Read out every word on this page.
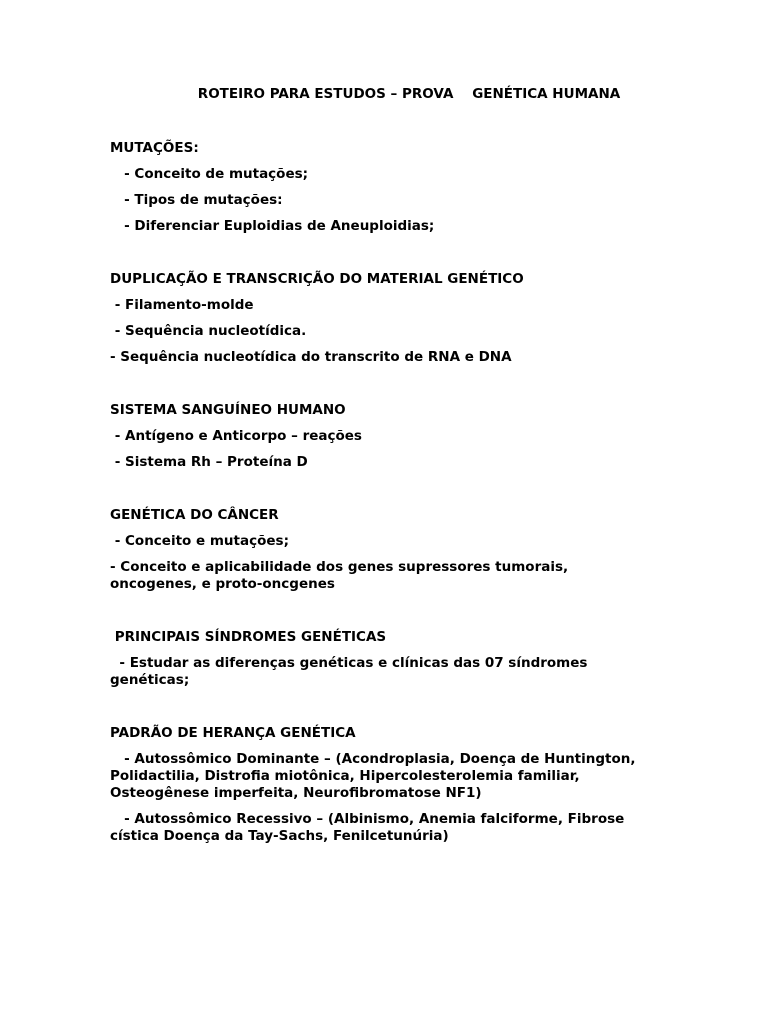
ROTEIRO PARA ESTUDOS – PROVA    GENÉTICA HUMANA
MUTAÇÕES:
- Conceito de mutações;
- Tipos de mutações:
- Diferenciar Euploidias de Aneuploidias;
DUPLICAÇÃO E TRANSCRIÇÃO DO MATERIAL GENÉTICO
- Filamento-molde
- Sequência nucleotídica.
- Sequência nucleotídica do transcrito de RNA e DNA
SISTEMA SANGUÍNEO HUMANO
- Antígeno e Anticorpo – reações
- Sistema Rh – Proteína D
GENÉTICA DO CÂNCER
- Conceito e mutações;
- Conceito e aplicabilidade dos genes supressores tumorais, oncogenes, e proto-oncgenes
PRINCIPAIS SÍNDROMES GENÉTICAS
- Estudar as diferenças genéticas e clínicas das 07 síndromes genéticas;
PADRÃO DE HERANÇA GENÉTICA
- Autossômico Dominante – (Acondroplasia, Doença de Huntington, Polidactilia, Distrofia miotônica, Hipercolesterolemia familiar, Osteogênese imperfeita, Neurofibromatose NF1)
- Autossômico Recessivo – (Albinismo, Anemia falciforme, Fibrose cística Doença da Tay-Sachs, Fenilcetunúria)
